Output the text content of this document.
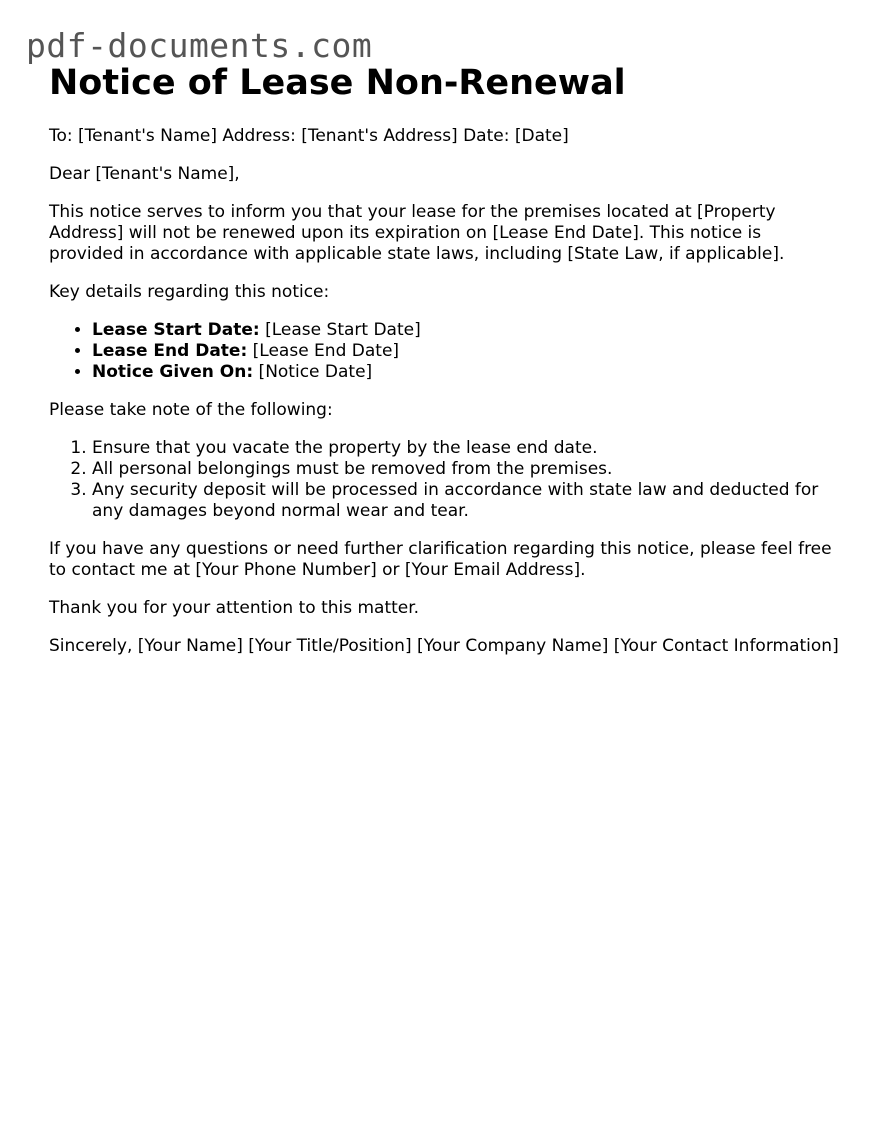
pdf-documents.com
Notice of Lease Non-Renewal

To: [Tenant's Name] Address: [Tenant's Address] Date: [Date]

Dear [Tenant's Name],

This notice serves to inform you that your lease for the premises located at [Property Address] will not be renewed upon its expiration on [Lease End Date]. This notice is provided in accordance with applicable state laws, including [State Law, if applicable].

Key details regarding this notice:

• Lease Start Date: [Lease Start Date]
• Lease End Date: [Lease End Date]
• Notice Given On: [Notice Date]

Please take note of the following:

1. Ensure that you vacate the property by the lease end date.
2. All personal belongings must be removed from the premises.
3. Any security deposit will be processed in accordance with state law and deducted for any damages beyond normal wear and tear.

If you have any questions or need further clarification regarding this notice, please feel free to contact me at [Your Phone Number] or [Your Email Address].

Thank you for your attention to this matter.

Sincerely, [Your Name] [Your Title/Position] [Your Company Name] [Your Contact Information]
